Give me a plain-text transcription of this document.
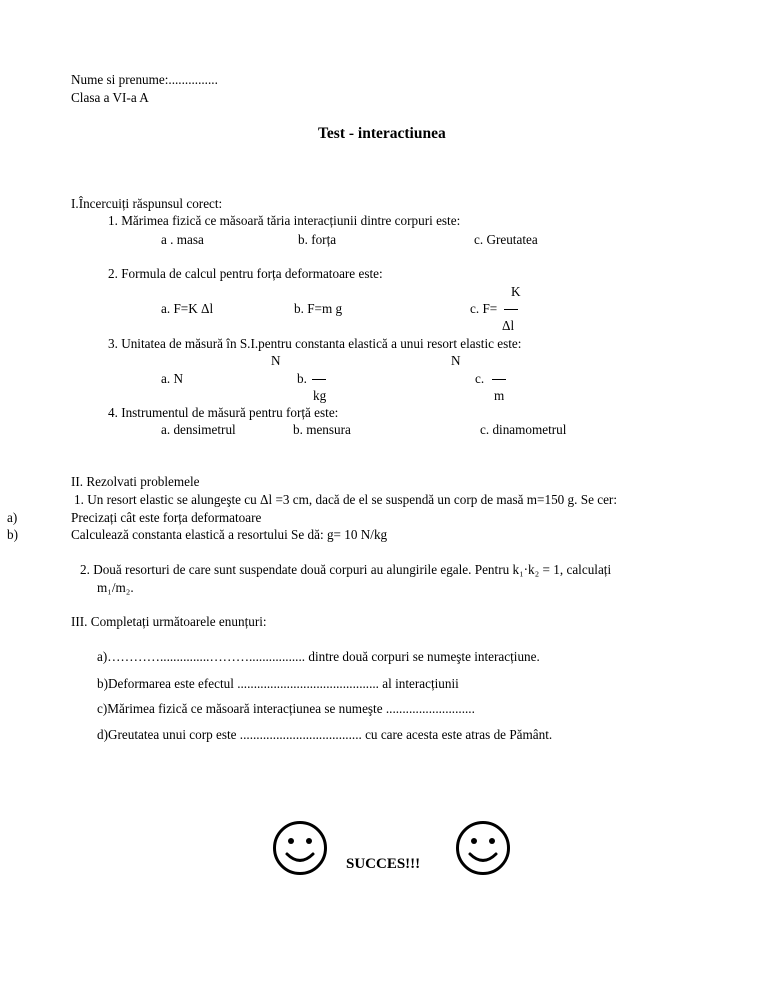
Nume si prenume:...............
Clasa a VI-a A
Test - interactiunea
I.Încercuiți răspunsul corect:
1. Mărimea fizică ce măsoară tăria interacțiunii dintre corpuri este:
a . masa	b. forța	c. Greutatea
2. Formula de calcul pentru forța deformatoare este:
K
a. F=K Δl	b. F=m g	c. F=
Δl
3. Unitatea de măsură în S.I.pentru constanta elastică a unui resort elastic este:
N	N
a. N	b.	c.
kg	m
4. Instrumentul de măsură pentru forță este:
a. densimetrul	b. mensura	c. dinamometrul
II. Rezolvati problemele
1. Un resort elastic se alungeşte cu Δl =3 cm, dacă de el se suspendă un corp de masă m=150 g. Se cer:
a)	Precizați cât este forța deformatoare
b)	Calculează constanta elastică a resortului Se dă: g= 10 N/kg
2. Două resorturi de care sunt suspendate două corpuri au alungirile egale. Pentru k₁·k₂ = 1, calculați
m₁/m₂.
III. Completați următoarele enunțuri:
a)…………...............………................. dintre două corpuri se numeşte interacțiune.
b)Deformarea este efectul ........................................... al interacțiunii
c)Mărimea fizică ce măsoară interacțiunea se numeşte ...........................
d)Greutatea unui corp este ..................................... cu care acesta este atras de Pământ.
SUCCES!!!
